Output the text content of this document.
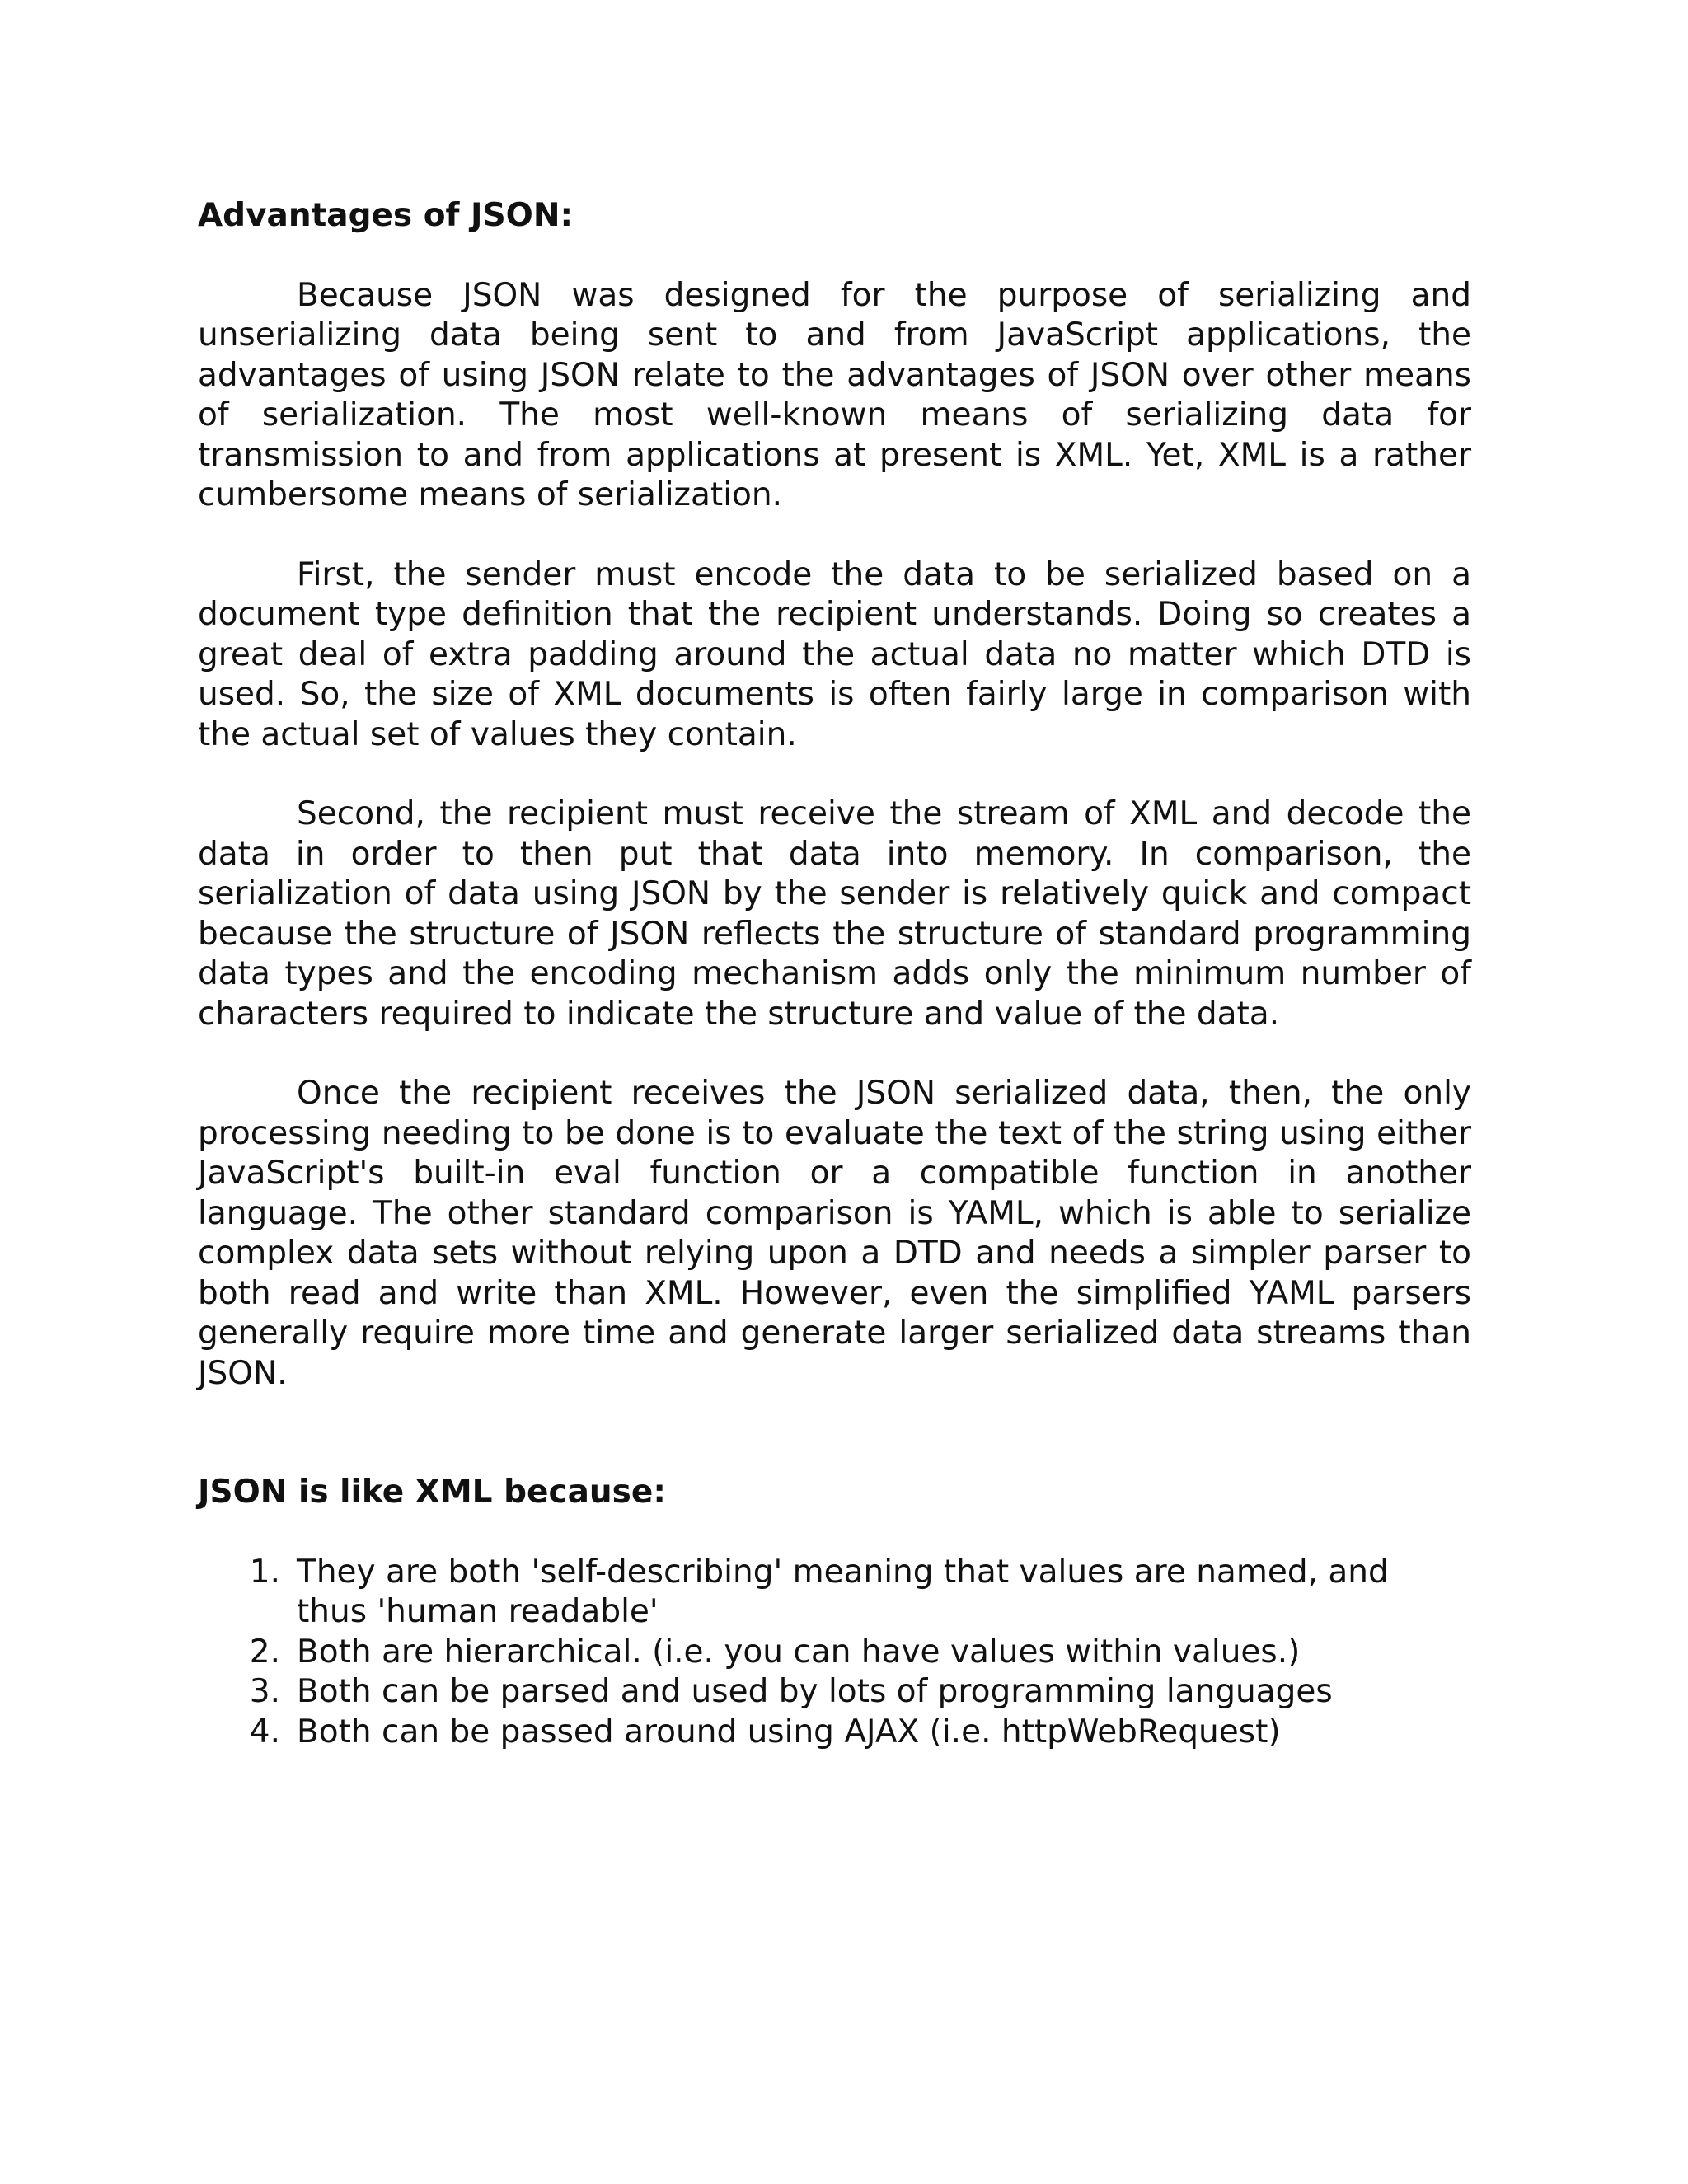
Advantages of JSON:

Because JSON was designed for the purpose of serializing and unserializing data being sent to and from JavaScript applications, the advantages of using JSON relate to the advantages of JSON over other means of serialization. The most well-known means of serializing data for transmission to and from applications at present is XML. Yet, XML is a rather cumbersome means of serialization.

First, the sender must encode the data to be serialized based on a document type definition that the recipient understands. Doing so creates a great deal of extra padding around the actual data no matter which DTD is used. So, the size of XML documents is often fairly large in comparison with the actual set of values they contain.

Second, the recipient must receive the stream of XML and decode the data in order to then put that data into memory. In comparison, the serialization of data using JSON by the sender is relatively quick and compact because the structure of JSON reflects the structure of standard programming data types and the encoding mechanism adds only the minimum number of characters required to indicate the structure and value of the data.

Once the recipient receives the JSON serialized data, then, the only processing needing to be done is to evaluate the text of the string using either JavaScript's built-in eval function or a compatible function in another language. The other standard comparison is YAML, which is able to serialize complex data sets without relying upon a DTD and needs a simpler parser to both read and write than XML. However, even the simplified YAML parsers generally require more time and generate larger serialized data streams than JSON.

JSON is like XML because:
1. They are both 'self-describing' meaning that values are named, and thus 'human readable'
2. Both are hierarchical. (i.e. you can have values within values.)
3. Both can be parsed and used by lots of programming languages
4. Both can be passed around using AJAX (i.e. httpWebRequest)
